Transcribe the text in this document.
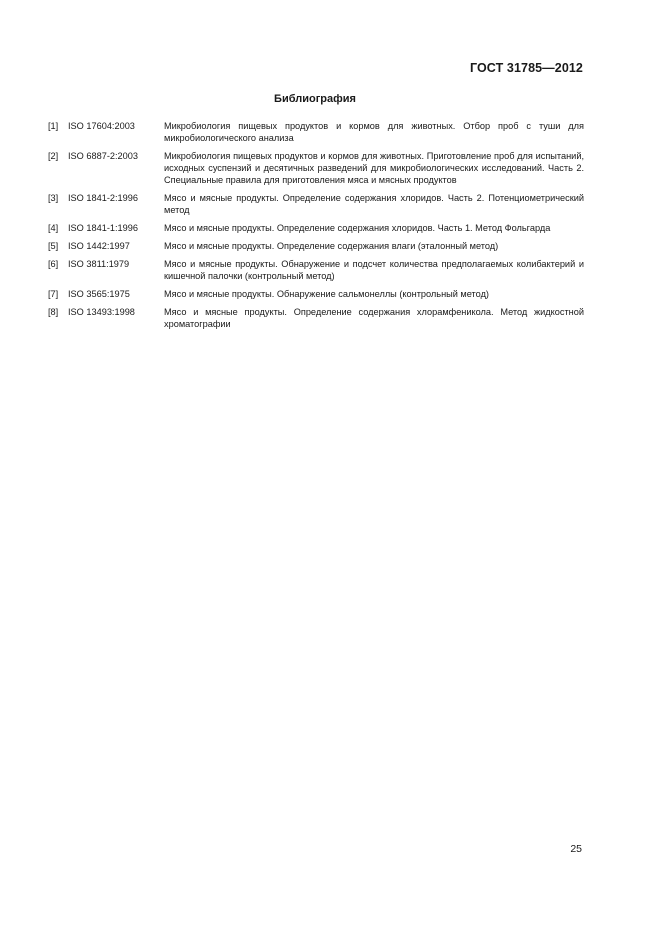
ГОСТ 31785—2012
Библиография
[1]	ISO 17604:2003	Микробиология пищевых продуктов и кормов для животных. Отбор проб с туши для микробиологического анализа
[2]	ISO 6887-2:2003	Микробиология пищевых продуктов и кормов для животных. Приготовление проб для испытаний, исходных суспензий и десятичных разведений для микробиологических исследований. Часть 2. Специальные правила для приготовления мяса и мясных продуктов
[3]	ISO 1841-2:1996	Мясо и мясные продукты. Определение содержания хлоридов. Часть 2. Потенциометрический метод
[4]	ISO 1841-1:1996	Мясо и мясные продукты. Определение содержания хлоридов. Часть 1. Метод Фольгарда
[5]	ISO 1442:1997	Мясо и мясные продукты. Определение содержания влаги (эталонный метод)
[6]	ISO 3811:1979	Мясо и мясные продукты. Обнаружение и подсчет количества предполагаемых колибактерий и кишечной палочки (контрольный метод)
[7]	ISO 3565:1975	Мясо и мясные продукты. Обнаружение сальмонеллы (контрольный метод)
[8]	ISO 13493:1998	Мясо и мясные продукты. Определение содержания хлорамфеникола. Метод жидкостной хроматографии
25
